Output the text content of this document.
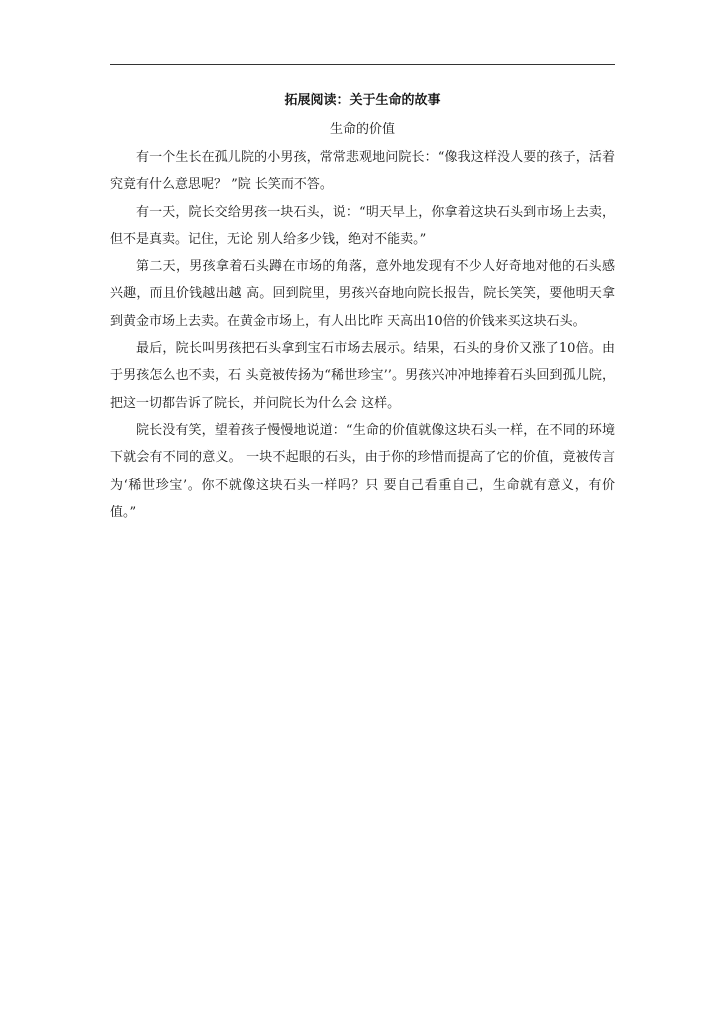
拓展阅读：关于生命的故事
生命的价值

有一个生长在孤儿院的小男孩，常常悲观地问院长：“像我这样没人要的孩子，活着究竟有什么意思呢？ ”院 长笑而不答。

有一天，院长交给男孩一块石头，说：“明天早上，你拿着这块石头到市场上去卖，但不是真卖。记住，无论 别人给多少钱，绝对不能卖。”

第二天，男孩拿着石头蹲在市场的角落，意外地发现有不少人好奇地对他的石头感兴趣，而且价钱越出越 高。回到院里，男孩兴奋地向院长报告，院长笑笑，要他明天拿到黄金市场上去卖。在黄金市场上，有人出比昨 天高出10倍的价钱来买这块石头。

最后，院长叫男孩把石头拿到宝石市场去展示。结果，石头的身价又涨了10倍。由于男孩怎么也不卖，石 头竟被传扬为“稀世珍宝’’。男孩兴冲冲地捧着石头回到孤儿院，把这一切都告诉了院长，并问院长为什么会 这样。

院长没有笑，望着孩子慢慢地说道：“生命的价值就像这块石头一样，在不同的环境下就会有不同的意义。 一块不起眼的石头，由于你的珍惜而提高了它的价值，竟被传言为‘稀世珍宝’。你不就像这块石头一样吗？只 要自己看重自己，生命就有意义，有价值。”
